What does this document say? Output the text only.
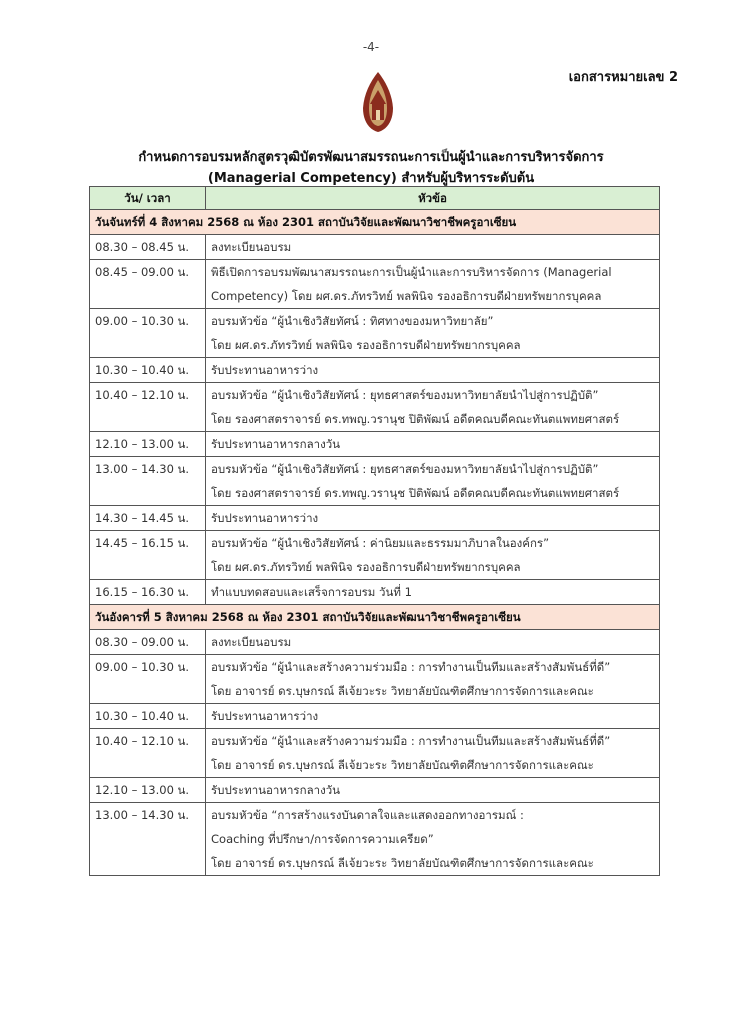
-4-
เอกสารหมายเลข 2
กำหนดการอบรมหลักสูตรวุฒิบัตรพัฒนาสมรรถนะการเป็นผู้นำและการบริหารจัดการ
(Managerial Competency) สำหรับผู้บริหารระดับต้น
วัน/ เวลา	หัวข้อ
วันจันทร์ที่ 4 สิงหาคม 2568 ณ ห้อง 2301 สถาบันวิจัยและพัฒนาวิชาชีพครูอาเซียน	
08.30 – 08.45 น.	ลงทะเบียนอบรม

08.45 – 09.00 น.	พิธีเปิดการอบรมพัฒนาสมรรถนะการเป็นผู้นำและการบริหารจัดการ (Managerial
Competency) โดย ผศ.ดร.ภัทรวิทย์ พลพินิจ รองอธิการบดีฝ่ายทรัพยากรบุคคล

09.00 – 10.30 น.	อบรมหัวข้อ “ผู้นำเชิงวิสัยทัศน์ : ทิศทางของมหาวิทยาลัย”
โดย ผศ.ดร.ภัทรวิทย์ พลพินิจ รองอธิการบดีฝ่ายทรัพยากรบุคคล

10.30 – 10.40 น.	รับประทานอาหารว่าง

10.40 – 12.10 น.	อบรมหัวข้อ “ผู้นำเชิงวิสัยทัศน์ : ยุทธศาสตร์ของมหาวิทยาลัยนำไปสู่การปฏิบัติ”
โดย รองศาสตราจารย์ ดร.ทพญ.วรานุช ปิติพัฒน์ อดีตคณบดีคณะทันตแพทยศาสตร์

12.10 – 13.00 น.	รับประทานอาหารกลางวัน

13.00 – 14.30 น.	อบรมหัวข้อ “ผู้นำเชิงวิสัยทัศน์ : ยุทธศาสตร์ของมหาวิทยาลัยนำไปสู่การปฏิบัติ”
โดย รองศาสตราจารย์ ดร.ทพญ.วรานุช ปิติพัฒน์ อดีตคณบดีคณะทันตแพทยศาสตร์

14.30 – 14.45 น.	รับประทานอาหารว่าง

14.45 – 16.15 น.	อบรมหัวข้อ “ผู้นำเชิงวิสัยทัศน์ : ค่านิยมและธรรมมาภิบาลในองค์กร”
โดย ผศ.ดร.ภัทรวิทย์ พลพินิจ รองอธิการบดีฝ่ายทรัพยากรบุคคล

16.15 – 16.30 น.	ทำแบบทดสอบและเสร็จการอบรม วันที่ 1

วันอังคารที่ 5 สิงหาคม 2568 ณ ห้อง 2301 สถาบันวิจัยและพัฒนาวิชาชีพครูอาเซียน	
08.30 – 09.00 น.	ลงทะเบียนอบรม

09.00 – 10.30 น.	อบรมหัวข้อ “ผู้นำและสร้างความร่วมมือ : การทำงานเป็นทีมและสร้างสัมพันธ์ที่ดี”
โดย อาจารย์ ดร.บุษกรณ์ ลีเจ้ยวะระ วิทยาลัยบัณฑิตศึกษาการจัดการและคณะ

10.30 – 10.40 น.	รับประทานอาหารว่าง

10.40 – 12.10 น.	อบรมหัวข้อ “ผู้นำและสร้างความร่วมมือ : การทำงานเป็นทีมและสร้างสัมพันธ์ที่ดี”
โดย อาจารย์ ดร.บุษกรณ์ ลีเจ้ยวะระ วิทยาลัยบัณฑิตศึกษาการจัดการและคณะ

12.10 – 13.00 น.	รับประทานอาหารกลางวัน

13.00 – 14.30 น.	อบรมหัวข้อ “การสร้างแรงบันดาลใจและแสดงออกทางอารมณ์ :
Coaching ที่ปรึกษา/การจัดการความเครียด”
โดย อาจารย์ ดร.บุษกรณ์ ลีเจ้ยวะระ วิทยาลัยบัณฑิตศึกษาการจัดการและคณะ
